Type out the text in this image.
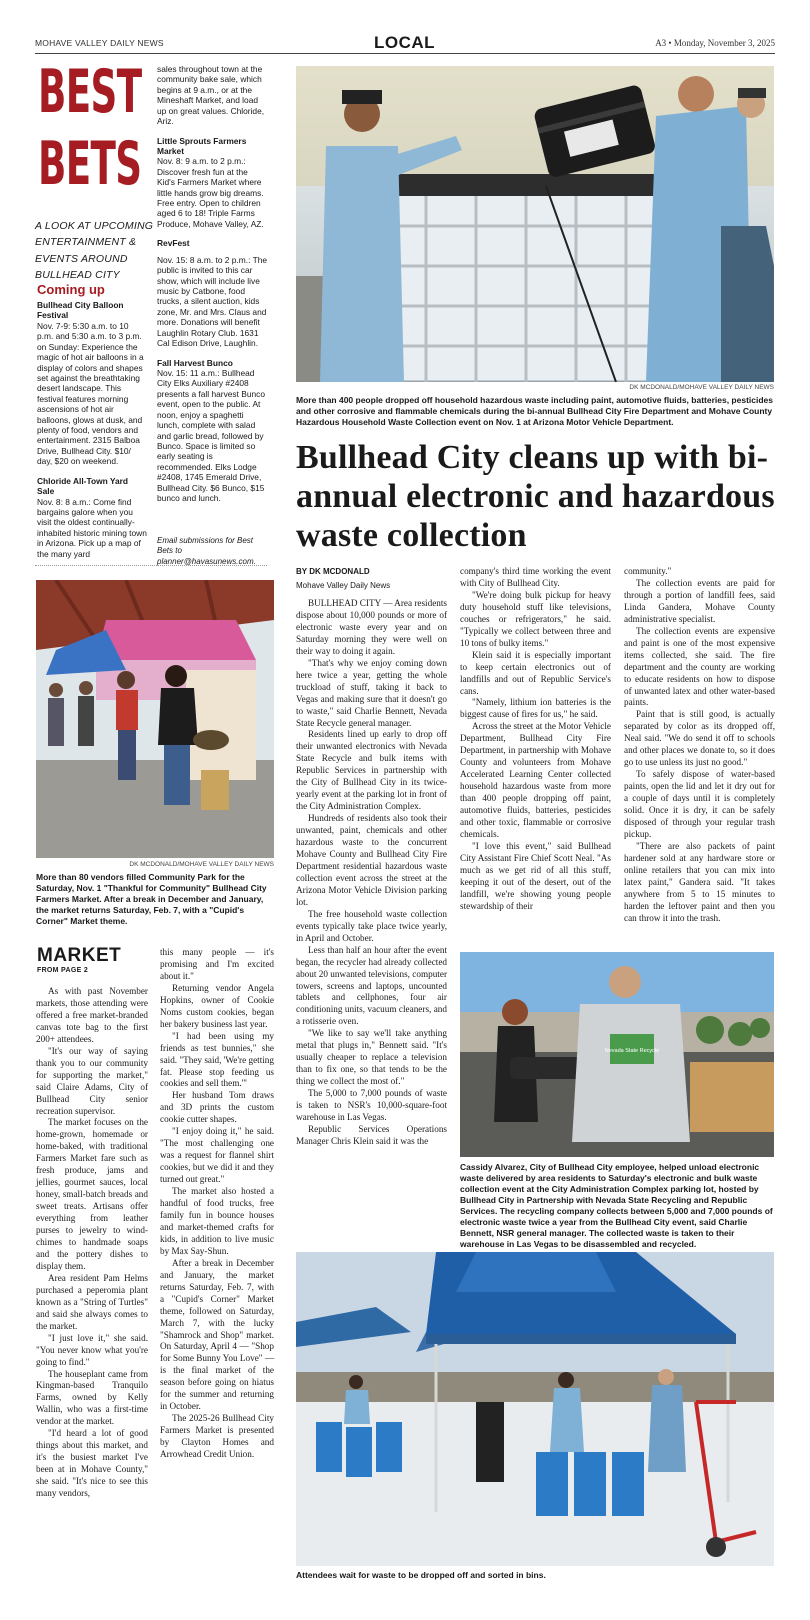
MOHAVE VALLEY DAILY NEWS	LOCAL	A3 • Monday, November 3, 2025
BEST
BETS
A LOOK AT UPCOMING ENTERTAINMENT & EVENTS AROUND BULLHEAD CITY
Coming up

Bullhead City Balloon Festival
Nov. 7-9: 5:30 a.m. to 10 p.m. and 5:30 a.m. to 3 p.m. on Sunday: Experience the magic of hot air balloons in a display of colors and shapes set against the breathtaking desert landscape. This festival features morning ascensions of hot air balloons, glows at dusk, and plenty of food, vendors and entertainment. 2315 Balboa Drive, Bullhead City. $10/ day, $20 on weekend.

Chloride All-Town Yard Sale
Nov. 8: 8 a.m.: Come find bargains galore when you visit the oldest continually-inhabited historic mining town in Arizona. Pick up a map of the many yard

sales throughout town at the community bake sale, which begins at 9 a.m., or at the Mineshaft Market, and load up on great values. Chloride, Ariz.

Little Sprouts Farmers Market
Nov. 8: 9 a.m. to 2 p.m.: Discover fresh fun at the Kid's Farmers Market where little hands grow big dreams. Free entry. Open to children aged 6 to 18! Triple Farms Produce, Mohave Valley, AZ.

RevFest
Nov. 15: 8 a.m. to 2 p.m.: The public is invited to this car show, which will include live music by Catbone, food trucks, a silent auction, kids zone, Mr. and Mrs. Claus and more. Donations will benefit Laughlin Rotary Club. 1631 Cal Edison Drive, Laughlin.

Fall Harvest Bunco
Nov. 15: 11 a.m.: Bullhead City Elks Auxiliary #2408 presents a fall harvest Bunco event, open to the public. At noon, enjoy a spaghetti lunch, complete with salad and garlic bread, followed by Bunco. Space is limited so early seating is recommended. Elks Lodge #2408, 1745 Emerald Drive, Bullhead City. $6 Bunco, $15 bunco and lunch.

Email submissions for Best Bets to planner@havasunews.com.
DK MCDONALD/MOHAVE VALLEY DAILY NEWS
More than 400 people dropped off household hazardous waste including paint, automotive fluids, batteries, pesticides and other corrosive and flammable chemicals during the bi-annual Bullhead City Fire Department and Mohave County Hazardous Household Waste Collection event on Nov. 1 at Arizona Motor Vehicle Department.
Bullhead City cleans up with bi-annual electronic and hazardous waste collection
BY DK MCDONALD
Mohave Valley Daily News

BULLHEAD CITY — Area residents dispose about 10,000 pounds or more of electronic waste every year and on Saturday morning they were well on their way to doing it again.

"That's why we enjoy coming down here twice a year, getting the whole truckload of stuff, taking it back to Vegas and making sure that it doesn't go to waste," said Charlie Bennett, Nevada State Recycle general manager.

Residents lined up early to drop off their unwanted electronics with Nevada State Recycle and bulk items with Republic Services in partnership with the City of Bullhead City in its twice-yearly event at the parking lot in front of the City Administration Complex.

Hundreds of residents also took their unwanted, paint, chemicals and other hazardous waste to the concurrent Mohave County and Bullhead City Fire Department residential hazardous waste collection event across the street at the Arizona Motor Vehicle Division parking lot.

The free household waste collection events typically take place twice yearly, in April and October.

Less than half an hour after the event began, the recycler had already collected about 20 unwanted televisions, computer towers, screens and laptops, uncounted tablets and cellphones, four air conditioning units, vacuum cleaners, and a rotisserie oven.

"We like to say we'll take anything metal that plugs in," Bennett said. "It's usually cheaper to replace a television than to fix one, so that tends to be the thing we collect the most of."

The 5,000 to 7,000 pounds of waste is taken to NSR's 10,000-square-foot warehouse in Las Vegas.

Republic Services Operations Manager Chris Klein said it was the

company's third time working the event with City of Bullhead City.

"We're doing bulk pickup for heavy duty household stuff like televisions, couches or refrigerators," he said. "Typically we collect between three and 10 tons of bulky items."

Klein said it is especially important to keep certain electronics out of landfills and out of Republic Service's cans.

"Namely, lithium ion batteries is the biggest cause of fires for us," he said.

Across the street at the Motor Vehicle Department, Bullhead City Fire Department, in partnership with Mohave County and volunteers from Mohave Accelerated Learning Center collected household hazardous waste from more than 400 people dropping off paint, automotive fluids, batteries, pesticides and other toxic, flammable or corrosive chemicals.

"I love this event," said Bullhead City Assistant Fire Chief Scott Neal. "As much as we get rid of all this stuff, keeping it out of the desert, out of the landfill, we're showing young people stewardship of their

community."

The collection events are paid for through a portion of landfill fees, said Linda Gandera, Mohave County administrative specialist.

The collection events are expensive and paint is one of the most expensive items collected, she said. The fire department and the county are working to educate residents on how to dispose of unwanted latex and other water-based paints.

Paint that is still good, is actually separated by color as its dropped off, Neal said. "We do send it off to schools and other places we donate to, so it does go to use unless its just no good."

To safely dispose of water-based paints, open the lid and let it dry out for a couple of days until it is completely solid. Once it is dry, it can be safely disposed of through your regular trash pickup.

"There are also packets of paint hardener sold at any hardware store or online retailers that you can mix into latex paint," Gandera said. "It takes anywhere from 5 to 15 minutes to harden the leftover paint and then you can throw it into the trash.

DK MCDONALD/MOHAVE VALLEY DAILY NEWS
More than 80 vendors filled Community Park for the Saturday, Nov. 1 "Thankful for Community" Bullhead City Farmers Market. After a break in December and January, the market returns Saturday, Feb. 7, with a "Cupid's Corner" Market theme.
MARKET
FROM PAGE 2

As with past November markets, those attending were offered a free market-branded canvas tote bag to the first 200+ attendees.

"It's our way of saying thank you to our community for supporting the market," said Claire Adams, City of Bullhead City senior recreation supervisor.

The market focuses on the home-grown, homemade or home-baked, with traditional Farmers Market fare such as fresh produce, jams and jellies, gourmet sauces, local honey, small-batch breads and sweet treats. Artisans offer everything from leather purses to jewelry to wind-chimes to handmade soaps and the pottery dishes to display them.

Area resident Pam Helms purchased a peperomia plant known as a "String of Turtles" and said she always comes to the market.

"I just love it," she said. "You never know what you're going to find."

The houseplant came from Kingman-based Tranquilo Farms, owned by Kelly Wallin, who was a first-time vendor at the market.

"I'd heard a lot of good things about this market, and it's the busiest market I've been at in Mohave County," she said. "It's nice to see this many vendors,

this many people — it's promising and I'm excited about it."

Returning vendor Angela Hopkins, owner of Cookie Noms custom cookies, began her bakery business last year.

"I had been using my friends as test bunnies," she said. "They said, 'We're getting fat. Please stop feeding us cookies and sell them.'"

Her husband Tom draws and 3D prints the custom cookie cutter shapes.

"I enjoy doing it," he said. "The most challenging one was a request for flannel shirt cookies, but we did it and they turned out great."

The market also hosted a handful of food trucks, free family fun in bounce houses and market-themed crafts for kids, in addition to live music by Max Say-Shun.

After a break in December and January, the market returns Saturday, Feb. 7, with a "Cupid's Corner" Market theme, followed on Saturday, March 7, with the lucky "Shamrock and Shop" market. On Saturday, April 4 — "Shop for Some Bunny You Love" — is the final market of the season before going on hiatus for the summer and returning in October.

The 2025-26 Bullhead City Farmers Market is presented by Clayton Homes and Arrowhead Credit Union.

Nevada State Recycle
Cassidy Alvarez, City of Bullhead City employee, helped unload electronic waste delivered by area residents to Saturday's electronic and bulk waste collection event at the City Administration Complex parking lot, hosted by Bullhead City in Partnership with Nevada State Recycling and Republic Services. The recycling company collects between 5,000 and 7,000 pounds of electronic waste twice a year from the Bullhead City event, said Charlie Bennett, NSR general manager. The collected waste is taken to their warehouse in Las Vegas to be disassembled and recycled.
Attendees wait for waste to be dropped off and sorted in bins.
